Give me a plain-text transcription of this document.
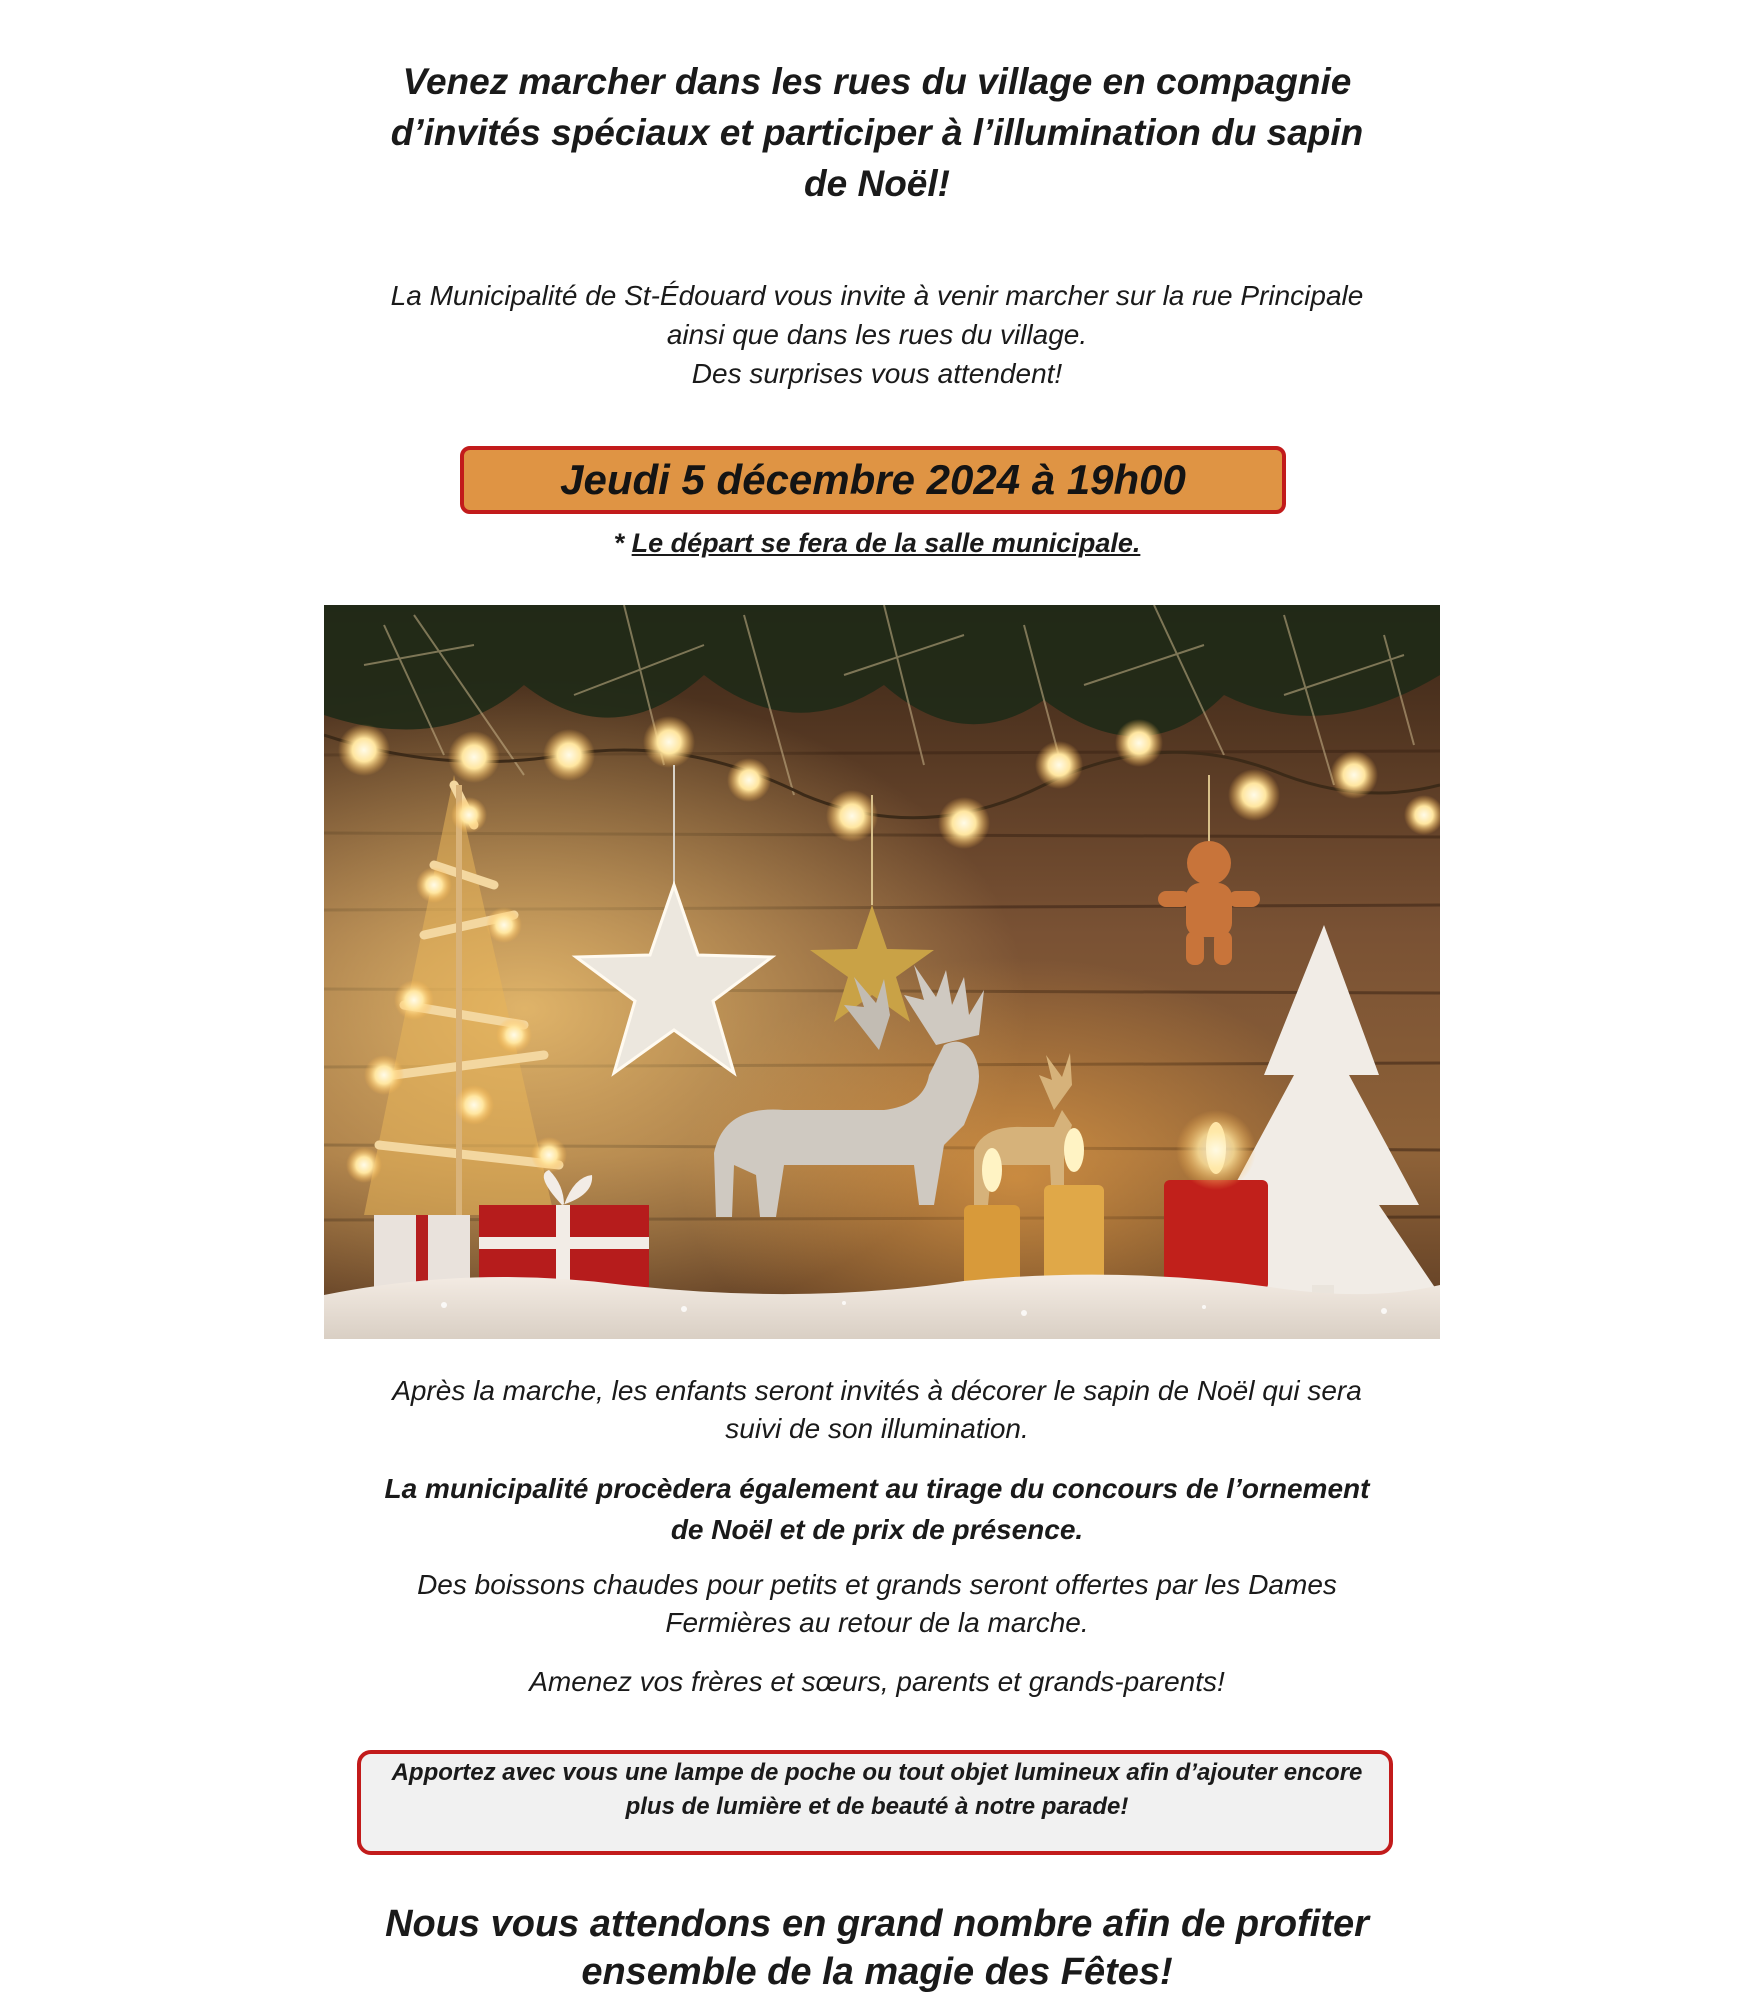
Venez marcher dans les rues du village en compagnie
d’invités spéciaux et participer à l’illumination du sapin
de Noël!
La Municipalité de St-Édouard vous invite à venir marcher sur la rue Principale
ainsi que dans les rues du village.
Des surprises vous attendent!
Jeudi 5 décembre 2024 à 19h00
* Le départ se fera de la salle municipale.
Après la marche, les enfants seront invités à décorer le sapin de Noël qui sera
suivi de son illumination.
La municipalité procèdera également au tirage du concours de l’ornement
de Noël et de prix de présence.
Des boissons chaudes pour petits et grands seront offertes par les Dames
Fermières au retour de la marche.
Amenez vos frères et sœurs, parents et grands-parents!
Apportez avec vous une lampe de poche ou tout objet lumineux afin d’ajouter encore
plus de lumière et de beauté à notre parade!
Nous vous attendons en grand nombre afin de profiter
ensemble de la magie des Fêtes!
